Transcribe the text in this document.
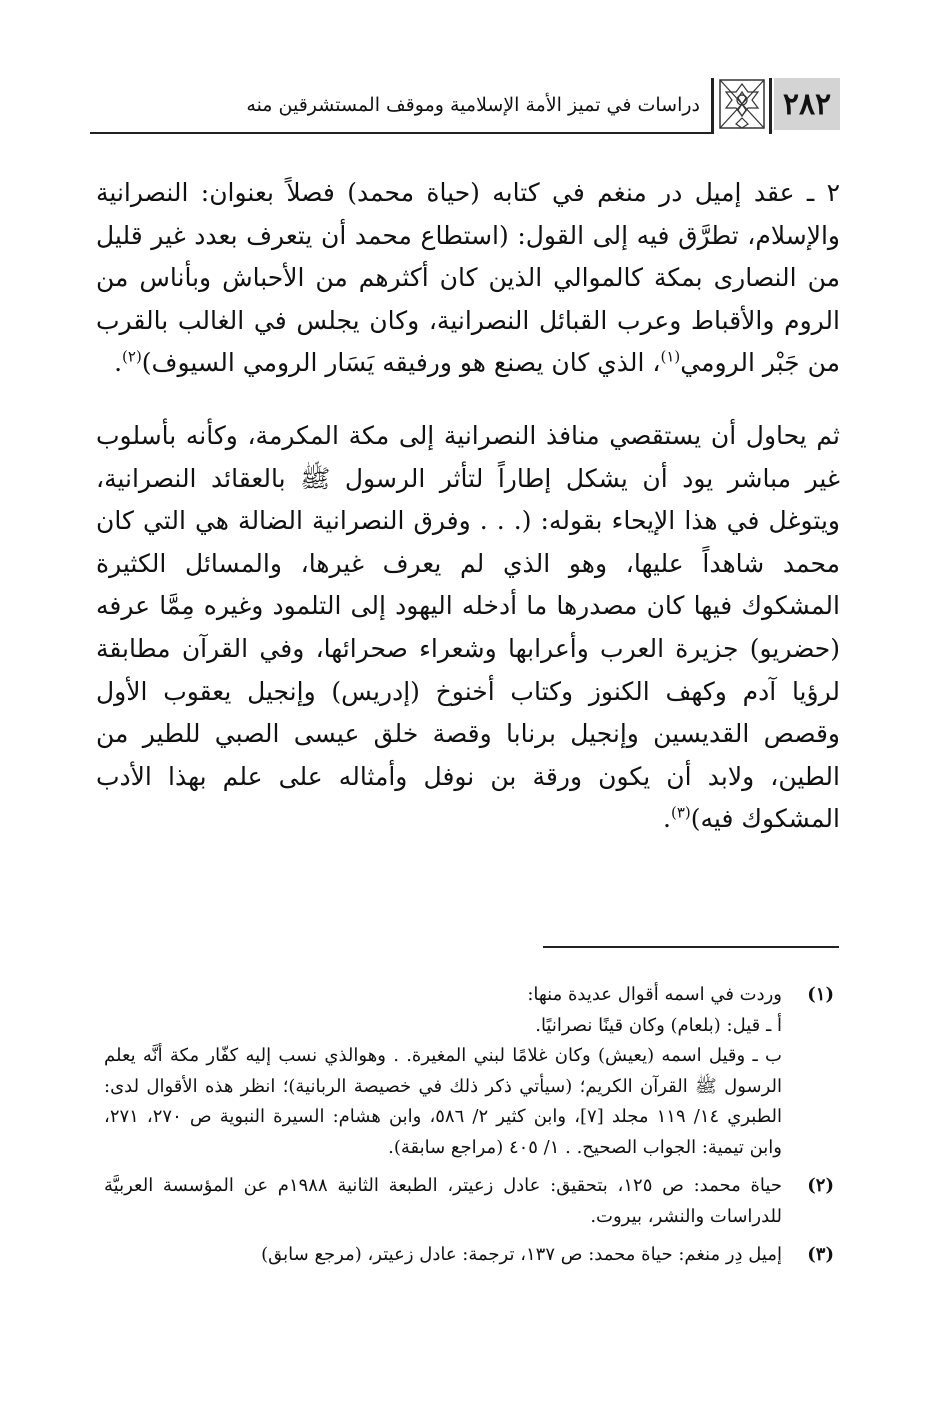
٢٨٢
دراسات في تميز الأمة الإسلامية وموقف المستشرقين منه

٢ ـ عقد إميل در منغم في كتابه (حياة محمد) فصلاً بعنوان: النصرانية والإسلام، تطرَّق فيه إلى القول: (استطاع محمد أن يتعرف بعدد غير قليل من النصارى بمكة كالموالي الذين كان أكثرهم من الأحباش وبأناس من الروم والأقباط وعرب القبائل النصرانية، وكان يجلس في الغالب بالقرب من جَبْر الرومي$^{(١)}$، الذي كان يصنع هو ورفيقه يَسَار الرومي السيوف)$^{(٢)}$.

ثم يحاول أن يستقصي منافذ النصرانية إلى مكة المكرمة، وكأنه بأسلوب غير مباشر يود أن يشكل إطاراً لتأثر الرسول ﷺ بالعقائد النصرانية، ويتوغل في هذا الإيحاء بقوله: (. . . وفرق النصرانية الضالة هي التي كان محمد شاهداً عليها، وهو الذي لم يعرف غيرها، والمسائل الكثيرة المشكوك فيها كان مصدرها ما أدخله اليهود إلى التلمود وغيره مِمَّا عرفه (حضريو) جزيرة العرب وأعرابها وشعراء صحرائها، وفي القرآن مطابقة لرؤيا آدم وكهف الكنوز وكتاب أخنوخ (إدريس) وإنجيل يعقوب الأول وقصص القديسين وإنجيل برنابا وقصة خلق عيسى الصبي للطير من الطين، ولابد أن يكون ورقة بن نوفل وأمثاله على علم بهذا الأدب المشكوك فيه)$^{(٣)}$.

(١)
وردت في اسمه أقوال عديدة منها:
أ ـ قيل: (بلعام) وكان قينًا نصرانيًا.
ب ـ وقيل اسمه (يعيش) وكان غلامًا لبني المغيرة. . وهوالذي نسب إليه كفّار مكة أنَّه يعلم الرسول ﷺ القرآن الكريم؛ (سيأتي ذكر ذلك في خصيصة الربانية)؛ انظر هذه الأقوال لدى: الطبري ١٤/ ١١٩ مجلد [٧]، وابن كثير ٢/ ٥٨٦، وابن هشام: السيرة النبوية ص ٢٧٠، ٢٧١، وابن تيمية: الجواب الصحيح. . ١/ ٤٠٥ (مراجع سابقة).
(٢)
حياة محمد: ص ١٢٥، بتحقيق: عادل زعيتر، الطبعة الثانية ١٩٨٨م عن المؤسسة العربيَّة للدراسات والنشر، بيروت.
(٣)
إميل دِر منغم: حياة محمد: ص ١٣٧، ترجمة: عادل زعيتر، (مرجع سابق)
